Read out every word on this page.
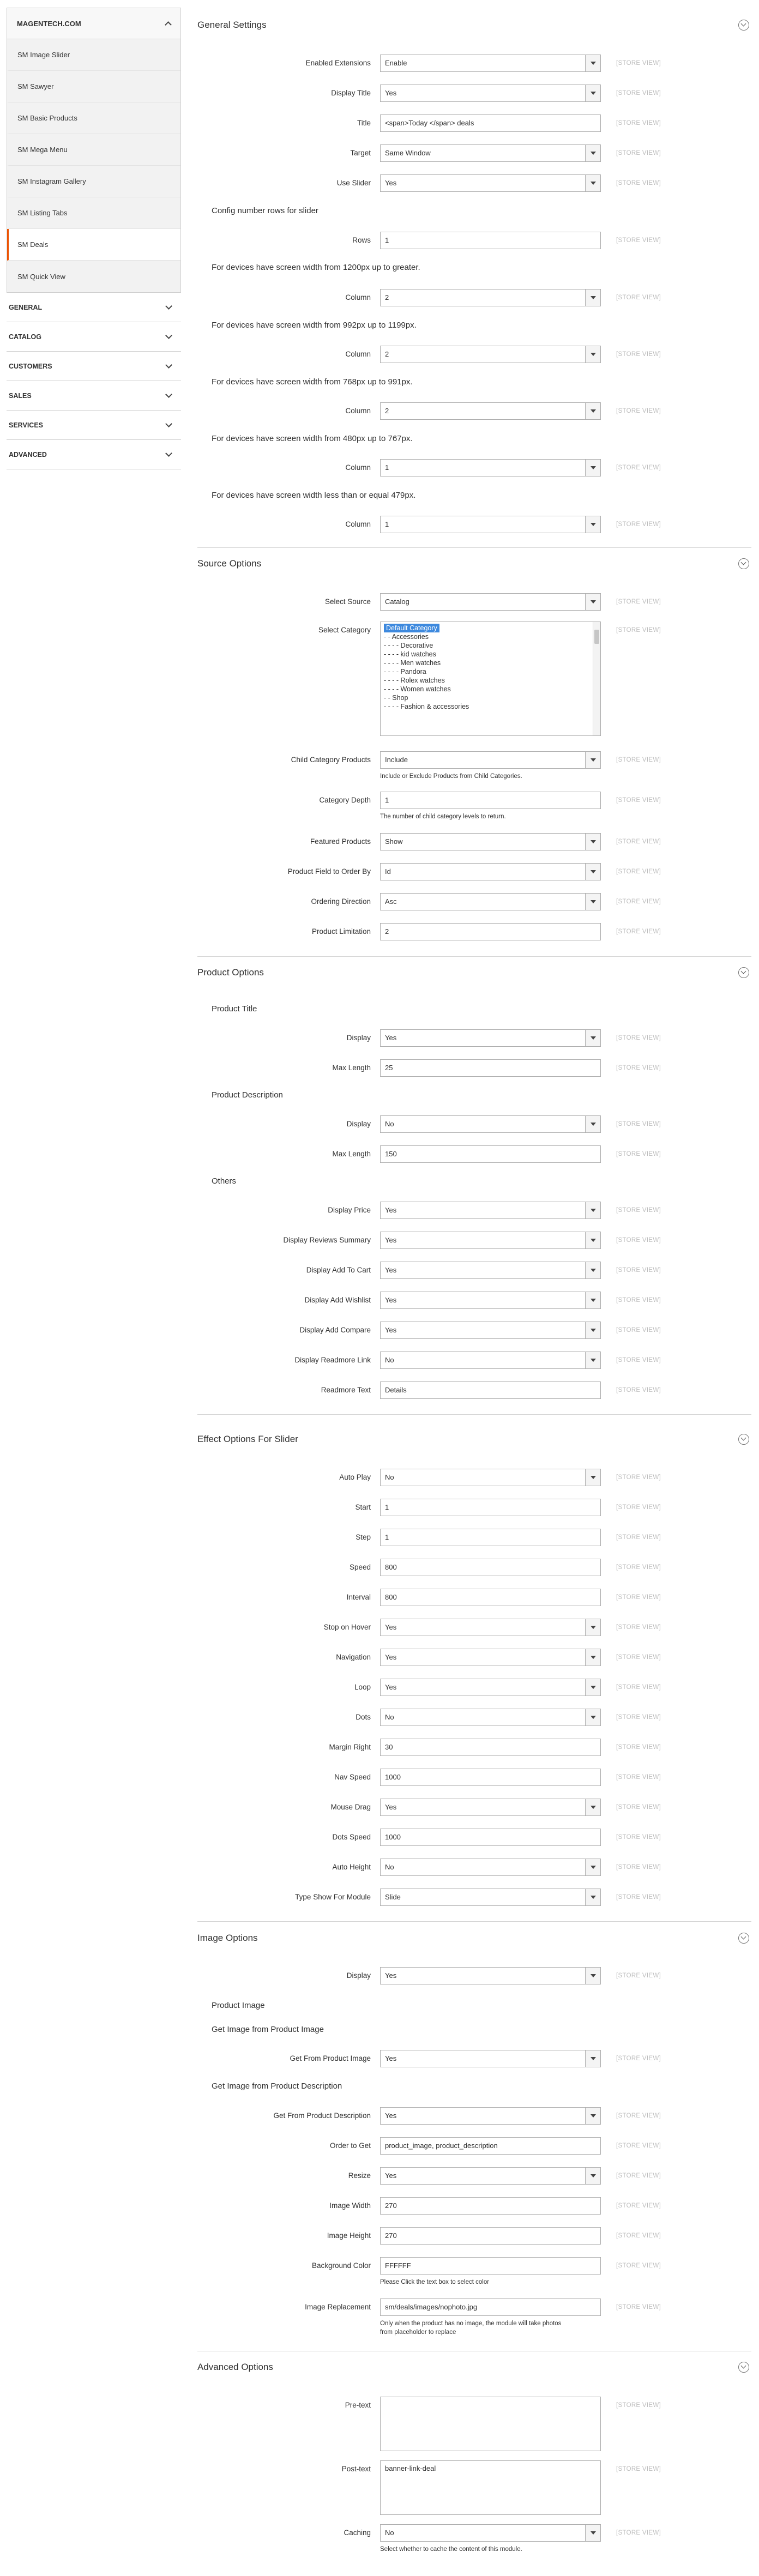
MAGENTECH.COM
SM Image Slider
SM Sawyer
SM Basic Products
SM Mega Menu
SM Instagram Gallery
SM Listing Tabs
SM Deals
SM Quick View
GENERAL
CATALOG
CUSTOMERS
SALES
SERVICES
ADVANCED
General Settings
Enabled Extensions	Enable	[STORE VIEW]
Display Title	Yes	[STORE VIEW]
Title	<span>Today </span> deals	[STORE VIEW]
Target	Same Window	[STORE VIEW]
Use Slider	Yes	[STORE VIEW]
Config number rows for slider
Rows	1	[STORE VIEW]
For devices have screen width from 1200px up to greater.
Column	2	[STORE VIEW]
For devices have screen width from 992px up to 1199px.
Column	2	[STORE VIEW]
For devices have screen width from 768px up to 991px.
Column	2	[STORE VIEW]
For devices have screen width from 480px up to 767px.
Column	1	[STORE VIEW]
For devices have screen width less than or equal 479px.
Column	1	[STORE VIEW]
Source Options
Select Source	Catalog	[STORE VIEW]
Select Category	Default Category
- - Accessories
- - - - Decorative
- - - - kid watches
- - - - Men watches
- - - - Pandora
- - - - Rolex watches
- - - - Women watches
- - Shop
- - - - Fashion & accessories
[STORE VIEW]
Child Category Products	Include	[STORE VIEW]
Include or Exclude Products from Child Categories.
Category Depth	1	[STORE VIEW]
The number of child category levels to return.
Featured Products	Show	[STORE VIEW]
Product Field to Order By	Id	[STORE VIEW]
Ordering Direction	Asc	[STORE VIEW]
Product Limitation	2	[STORE VIEW]
Product Options
Product Title
Display	Yes	[STORE VIEW]
Max Length	25	[STORE VIEW]
Product Description
Display	No	[STORE VIEW]
Max Length	150	[STORE VIEW]
Others
Display Price	Yes	[STORE VIEW]
Display Reviews Summary	Yes	[STORE VIEW]
Display Add To Cart	Yes	[STORE VIEW]
Display Add Wishlist	Yes	[STORE VIEW]
Display Add Compare	Yes	[STORE VIEW]
Display Readmore Link	No	[STORE VIEW]
Readmore Text	Details	[STORE VIEW]
Effect Options For Slider
Auto Play	No	[STORE VIEW]
Start	1	[STORE VIEW]
Step	1	[STORE VIEW]
Speed	800	[STORE VIEW]
Interval	800	[STORE VIEW]
Stop on Hover	Yes	[STORE VIEW]
Navigation	Yes	[STORE VIEW]
Loop	Yes	[STORE VIEW]
Dots	No	[STORE VIEW]
Margin Right	30	[STORE VIEW]
Nav Speed	1000	[STORE VIEW]
Mouse Drag	Yes	[STORE VIEW]
Dots Speed	1000	[STORE VIEW]
Auto Height	No	[STORE VIEW]
Type Show For Module	Slide	[STORE VIEW]
Image Options
Display	Yes	[STORE VIEW]
Product Image
Get Image from Product Image
Get From Product Image	Yes	[STORE VIEW]
Get Image from Product Description
Get From Product Description	Yes	[STORE VIEW]
Order to Get	product_image, product_description	[STORE VIEW]
Resize	Yes	[STORE VIEW]
Image Width	270	[STORE VIEW]
Image Height	270	[STORE VIEW]
Background Color	FFFFFF	[STORE VIEW]
Please Click the text box to select color
Image Replacement	sm/deals/images/nophoto.jpg	[STORE VIEW]
Only when the product has no image, the module will take photos
from placeholder to replace
Advanced Options
Pre-text	[STORE VIEW]
Post-text	banner-link-deal	[STORE VIEW]
Caching	No	[STORE VIEW]
Select whether to cache the content of this module.
